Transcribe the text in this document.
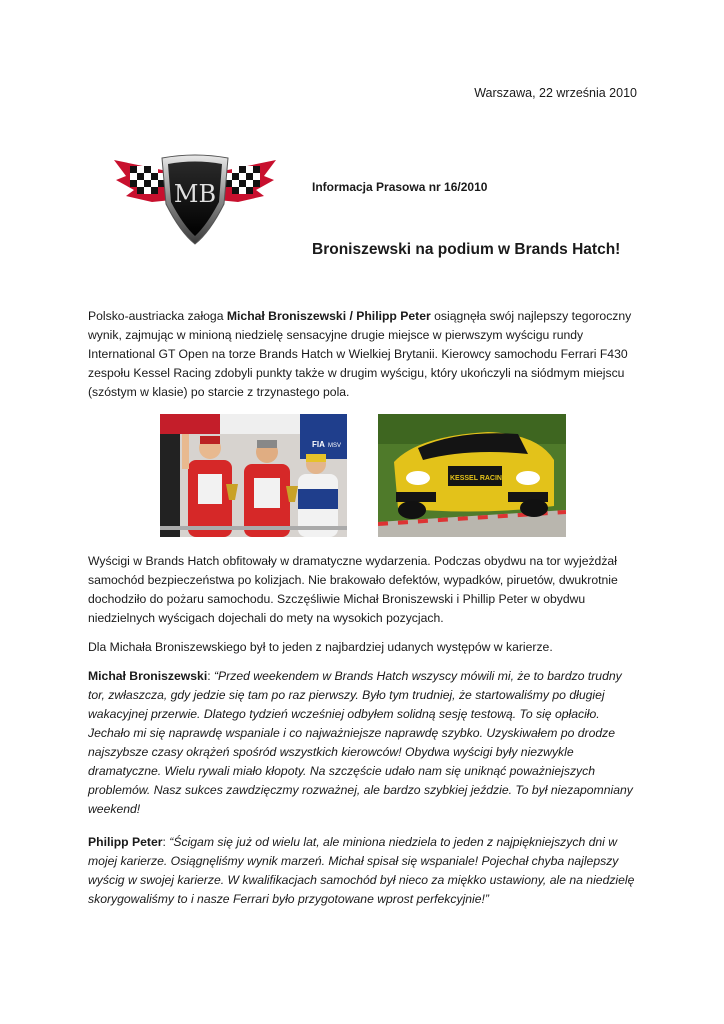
Warszawa, 22 września 2010
MB	Informacja Prasowa nr 16/2010
Broniszewski na podium w Brands Hatch!
Polsko-austriacka załoga Michał Broniszewski / Philipp Peter osiągnęła swój najlepszy tegoroczny wynik, zajmując w minioną niedzielę sensacyjne drugie miejsce w pierwszym wyścigu rundy International GT Open na torze Brands Hatch w Wielkiej Brytanii. Kierowcy samochodu Ferrari F430 zespołu Kessel Racing zdobyli punkty także w drugim wyścigu, który ukończyli na siódmym miejscu (szóstym w klasie) po starcie z trzynastego pola.
FIA MSV
KESSEL RACING
Wyścigi w Brands Hatch obfitowały w dramatyczne wydarzenia. Podczas obydwu na tor wyjeżdżał samochód bezpieczeństwa po kolizjach. Nie brakowało defektów, wypadków, piruetów, dwukrotnie dochodziło do pożaru samochodu. Szczęśliwie Michał Broniszewski i Phillip Peter w obydwu niedzielnych wyścigach dojechali do mety na wysokich pozycjach.
Dla Michała Broniszewskiego był to jeden z najbardziej udanych występów w karierze.
Michał Broniszewski: “Przed weekendem w Brands Hatch wszyscy mówili mi, że to bardzo trudny tor, zwłaszcza, gdy jedzie się tam po raz pierwszy. Było tym trudniej, że startowaliśmy po długiej wakacyjnej przerwie. Dlatego tydzień wcześniej odbyłem solidną sesję testową. To się opłaciło. Jechało mi się naprawdę wspaniale i co najważniejsze naprawdę szybko. Uzyskiwałem po drodze najszybsze czasy okrążeń spośród wszystkich kierowców! Obydwa wyścigi były niezwykle dramatyczne. Wielu rywali miało kłopoty. Na szczęście udało nam się uniknąć poważniejszych problemów. Nasz sukces zawdzięczmy rozważnej, ale bardzo szybkiej jeździe. To był niezapomniany weekend!
Philipp Peter: “Ścigam się już od wielu lat, ale miniona niedziela to jeden z najpiękniejszych dni w mojej karierze. Osiągnęliśmy wynik marzeń. Michał spisał się wspaniale! Pojechał chyba najlepszy wyścig w swojej karierze. W kwalifikacjach samochód był nieco za miękko ustawiony, ale na niedzielę skorygowaliśmy to i nasze Ferrari było przygotowane wprost perfekcyjnie!”
